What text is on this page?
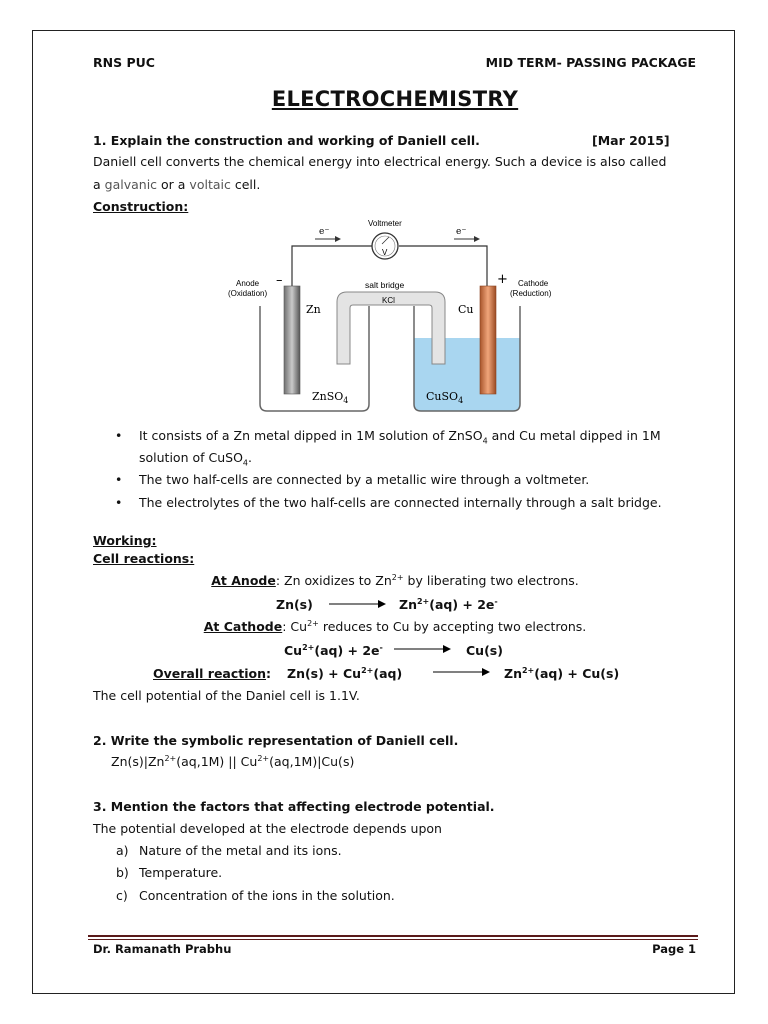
RNS PUC	MID TERM- PASSING PACKAGE
ELECTROCHEMISTRY
1. Explain the construction and working of Daniell cell.	[Mar 2015]
Daniell cell converts the chemical energy into electrical energy. Such a device is also called
a galvanic or a voltaic cell.
Construction:
e−	e−
Voltmeter
V
–	+
Anode
(Oxidation)
Cathode
(Reduction)
salt bridge
KCl
Zn	Cu
ZnSO$_4$	CuSO$_4$
• It consists of a Zn metal dipped in 1M solution of ZnSO$_4$ and Cu metal dipped in 1M
solution of CuSO$_4$.
• The two half-cells are connected by a metallic wire through a voltmeter.
• The electrolytes of the two half-cells are connected internally through a salt bridge.
Working:
Cell reactions:
At Anode: Zn oxidizes to $Zn^{2+}$ by liberating two electrons.
Zn(s)	$Zn^{2+}(aq) + 2e^-$
At Cathode: $Cu^{2+}$ reduces to Cu by accepting two electrons.
$Cu^{2+}(aq) + 2e^-$	Cu(s)
Overall reaction: $Zn(s) + Cu^{2+}(aq)$	$Zn^{2+}(aq) + Cu(s)$
The cell potential of the Daniel cell is 1.1V.
2. Write the symbolic representation of Daniell cell.
$Zn(s)|Zn^{2+}(aq,1M)$ || $Cu^{2+}(aq,1M)|Cu(s)$
3. Mention the factors that affecting electrode potential.
The potential developed at the electrode depends upon
a) Nature of the metal and its ions.
b) Temperature.
c) Concentration of the ions in the solution.
Dr. Ramanath Prabhu	Page 1
